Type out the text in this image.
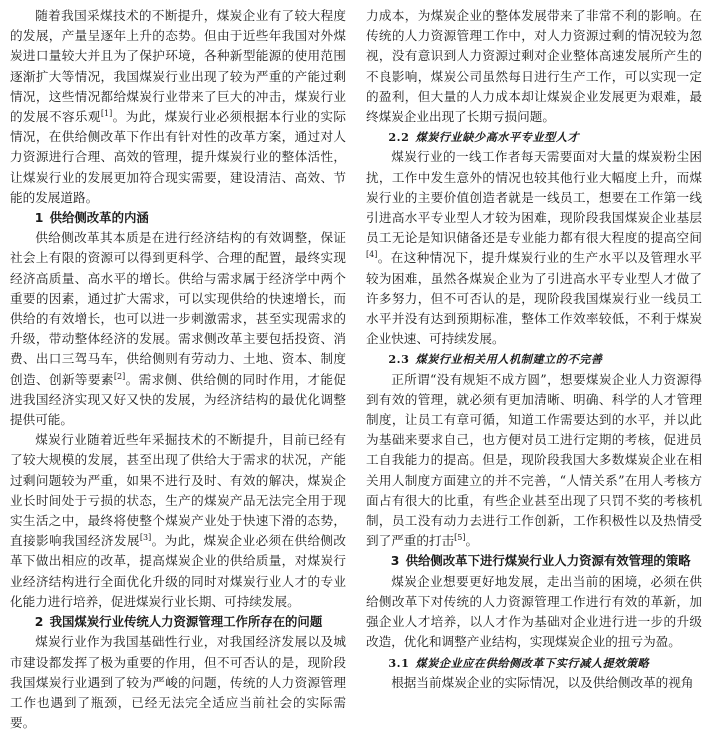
随着我国采煤技术的不断提升，煤炭企业有了较大程度的发展，产量呈逐年上升的态势。但由于近些年我国对外煤炭进口量较大并且为了保护环境，各种新型能源的使用范围逐渐扩大等情况，我国煤炭行业出现了较为严重的产能过剩情况，这些情况都给煤炭行业带来了巨大的冲击，煤炭行业的发展不容乐观[1]。为此，煤炭行业必须根据本行业的实际情况，在供给侧改革下作出有针对性的改革方案，通过对人力资源进行合理、高效的管理，提升煤炭行业的整体活性，让煤炭行业的发展更加符合现实需要，建设清洁、高效、节能的发展道路。

1  供给侧改革的内涵

供给侧改革其本质是在进行经济结构的有效调整，保证社会上有限的资源可以得到更科学、合理的配置，最终实现经济高质量、高水平的增长。供给与需求属于经济学中两个重要的因素，通过扩大需求，可以实现供给的快速增长，而供给的有效增长，也可以进一步刺激需求，甚至实现需求的升级，带动整体经济的发展。需求侧改革主要包括投资、消费、出口三驾马车，供给侧则有劳动力、土地、资本、制度创造、创新等要素[2]。需求侧、供给侧的同时作用，才能促进我国经济实现又好又快的发展，为经济结构的最优化调整提供可能。

煤炭行业随着近些年采掘技术的不断提升，目前已经有了较大规模的发展，甚至出现了供给大于需求的状况，产能过剩问题较为严重，如果不进行及时、有效的解决，煤炭企业长时间处于亏损的状态，生产的煤炭产品无法完全用于现实生活之中，最终将使整个煤炭产业处于快速下滑的态势，直接影响我国经济发展[3]。为此，煤炭企业必须在供给侧改革下做出相应的改革，提高煤炭企业的供给质量，对煤炭行业经济结构进行全面优化升级的同时对煤炭行业人才的专业化能力进行培养，促进煤炭行业长期、可持续发展。

2  我国煤炭行业传统人力资源管理工作所存在的问题

煤炭行业作为我国基础性行业，对我国经济发展以及城市建设都发挥了极为重要的作用，但不可否认的是，现阶段我国煤炭行业遇到了较为严峻的问题，传统的人力资源管理工作也遇到了瓶颈，已经无法完全适应当前社会的实际需要。

力成本，为煤炭企业的整体发展带来了非常不利的影响。在传统的人力资源管理工作中，对人力资源过剩的情况较为忽视，没有意识到人力资源过剩对企业整体高速发展所产生的不良影响，煤炭公司虽然每日进行生产工作，可以实现一定的盈利，但大量的人力成本却让煤炭企业发展更为艰难，最终煤炭企业出现了长期亏损问题。

2.2  煤炭行业缺少高水平专业型人才

煤炭行业的一线工作者每天需要面对大量的煤炭粉尘困扰，工作中发生意外的情况也较其他行业大幅度上升，而煤炭行业的主要价值创造者就是一线员工，想要在工作第一线引进高水平专业型人才较为困难，现阶段我国煤炭企业基层员工无论是知识储备还是专业能力都有很大程度的提高空间[4]。在这种情况下，提升煤炭行业的生产水平以及管理水平较为困难，虽然各煤炭企业为了引进高水平专业型人才做了许多努力，但不可否认的是，现阶段我国煤炭行业一线员工水平并没有达到预期标准，整体工作效率较低，不利于煤炭企业快速、可持续发展。

2.3  煤炭行业相关用人机制建立的不完善

正所谓“没有规矩不成方圆”，想要煤炭企业人力资源得到有效的管理，就必须有更加清晰、明确、科学的人才管理制度，让员工有章可循，知道工作需要达到的水平，并以此为基础来要求自己，也方便对员工进行定期的考核，促进员工自我能力的提高。但是，现阶段我国大多数煤炭企业在相关用人制度方面建立的并不完善，“人情关系”在用人考核方面占有很大的比重，有些企业甚至出现了只罚不奖的考核机制，员工没有动力去进行工作创新，工作积极性以及热情受到了严重的打击[5]。

3  供给侧改革下进行煤炭行业人力资源有效管理的策略

煤炭企业想要更好地发展，走出当前的困境，必须在供给侧改革下对传统的人力资源管理工作进行有效的革新，加强企业人才培养，以人才作为基础对企业进行进一步的升级改造，优化和调整产业结构，实现煤炭企业的扭亏为盈。

3.1  煤炭企业应在供给侧改革下实行减人提效策略

根据当前煤炭企业的实际情况，以及供给侧改革的视角
